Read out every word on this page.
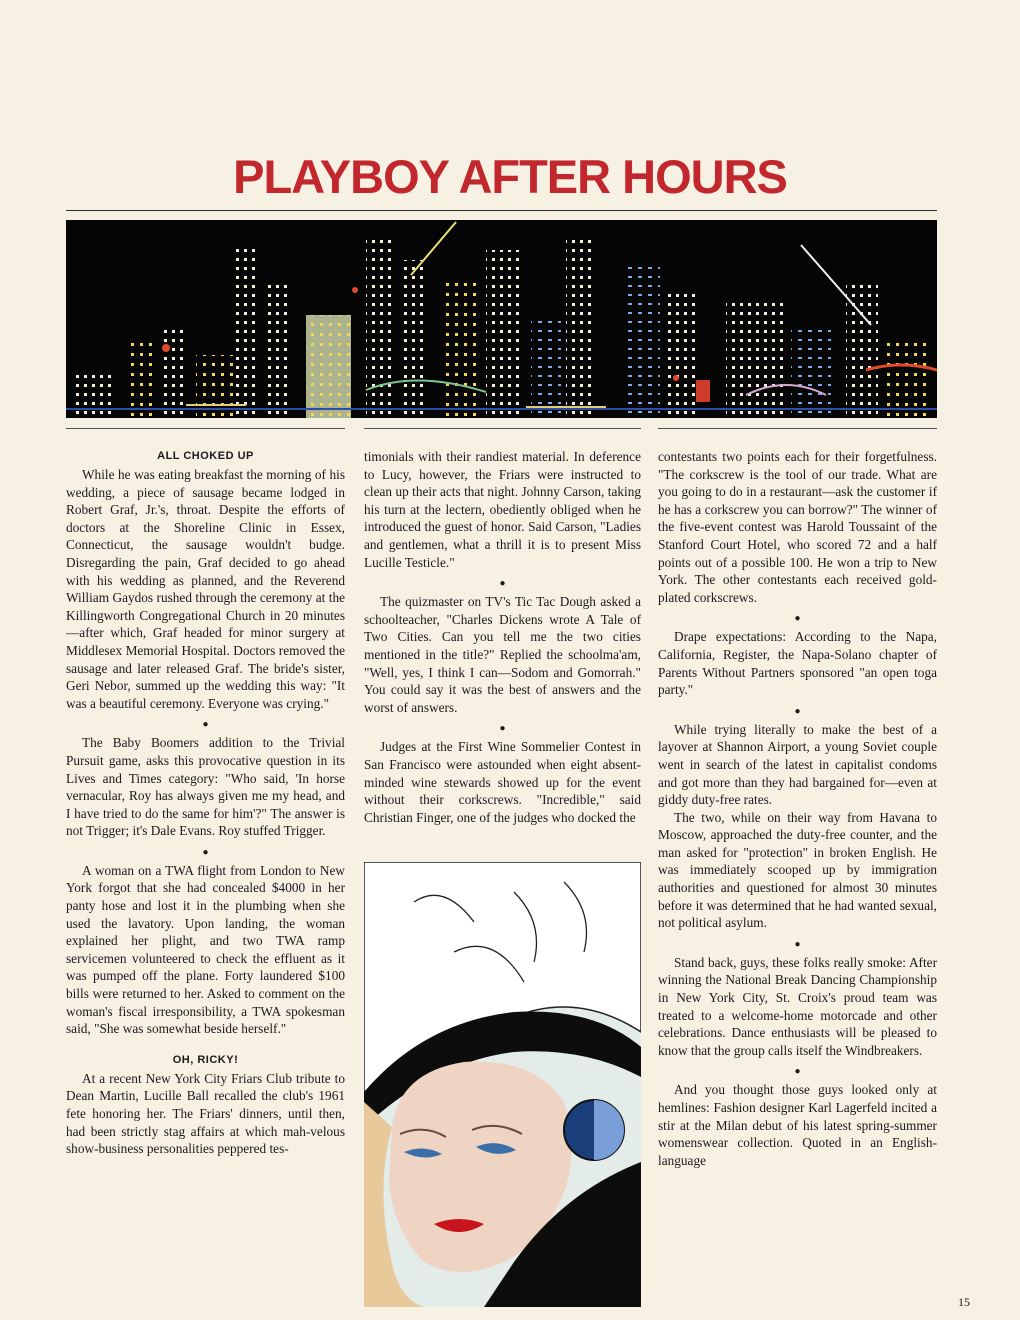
PLAYBOY AFTER HOURS
ALL CHOKED UP

While he was eating breakfast the morning of his wedding, a piece of sausage became lodged in Robert Graf, Jr.'s, throat. Despite the efforts of doctors at the Shoreline Clinic in Essex, Connecticut, the sausage wouldn't budge. Disregarding the pain, Graf decided to go ahead with his wedding as planned, and the Reverend William Gaydos rushed through the ceremony at the Killingworth Congregational Church in 20 minutes—after which, Graf headed for minor surgery at Middlesex Memorial Hospital. Doctors removed the sausage and later released Graf. The bride's sister, Geri Nebor, summed up the wedding this way: "It was a beautiful ceremony. Everyone was crying."

●

The Baby Boomers addition to the Trivial Pursuit game, asks this provocative question in its Lives and Times category: "Who said, 'In horse vernacular, Roy has always given me my head, and I have tried to do the same for him'?" The answer is not Trigger; it's Dale Evans. Roy stuffed Trigger.

●

A woman on a TWA flight from London to New York forgot that she had concealed $4000 in her panty hose and lost it in the plumbing when she used the lavatory. Upon landing, the woman explained her plight, and two TWA ramp servicemen volunteered to check the effluent as it was pumped off the plane. Forty laundered $100 bills were returned to her. Asked to comment on the woman's fiscal irresponsibility, a TWA spokesman said, "She was somewhat beside herself."

OH, RICKY!

At a recent New York City Friars Club tribute to Dean Martin, Lucille Ball recalled the club's 1961 fete honoring her. The Friars' dinners, until then, had been strictly stag affairs at which mah-velous show-business personalities peppered tes-

timonials with their randiest material. In deference to Lucy, however, the Friars were instructed to clean up their acts that night. Johnny Carson, taking his turn at the lectern, obediently obliged when he introduced the guest of honor. Said Carson, "Ladies and gentlemen, what a thrill it is to present Miss Lucille Testicle."

●

The quizmaster on TV's Tic Tac Dough asked a schoolteacher, "Charles Dickens wrote A Tale of Two Cities. Can you tell me the two cities mentioned in the title?" Replied the schoolma'am, "Well, yes, I think I can—Sodom and Gomorrah." You could say it was the best of answers and the worst of answers.

●

Judges at the First Wine Sommelier Contest in San Francisco were astounded when eight absent-minded wine stewards showed up for the event without their corkscrews. "Incredible," said Christian Finger, one of the judges who docked the

contestants two points each for their forgetfulness. "The corkscrew is the tool of our trade. What are you going to do in a restaurant—ask the customer if he has a corkscrew you can borrow?" The winner of the five-event contest was Harold Toussaint of the Stanford Court Hotel, who scored 72 and a half points out of a possible 100. He won a trip to New York. The other contestants each received gold-plated corkscrews.

●

Drape expectations: According to the Napa, California, Register, the Napa-Solano chapter of Parents Without Partners sponsored "an open toga party."

●

While trying literally to make the best of a layover at Shannon Airport, a young Soviet couple went in search of the latest in capitalist condoms and got more than they had bargained for—even at giddy duty-free rates.

The two, while on their way from Havana to Moscow, approached the duty-free counter, and the man asked for "protection" in broken English. He was immediately scooped up by immigration authorities and questioned for almost 30 minutes before it was determined that he had wanted sexual, not political asylum.

●

Stand back, guys, these folks really smoke: After winning the National Break Dancing Championship in New York City, St. Croix's proud team was treated to a welcome-home motorcade and other celebrations. Dance enthusiasts will be pleased to know that the group calls itself the Windbreakers.

●

And you thought those guys looked only at hemlines: Fashion designer Karl Lagerfeld incited a stir at the Milan debut of his latest spring-summer womenswear collection. Quoted in an English-language

15
